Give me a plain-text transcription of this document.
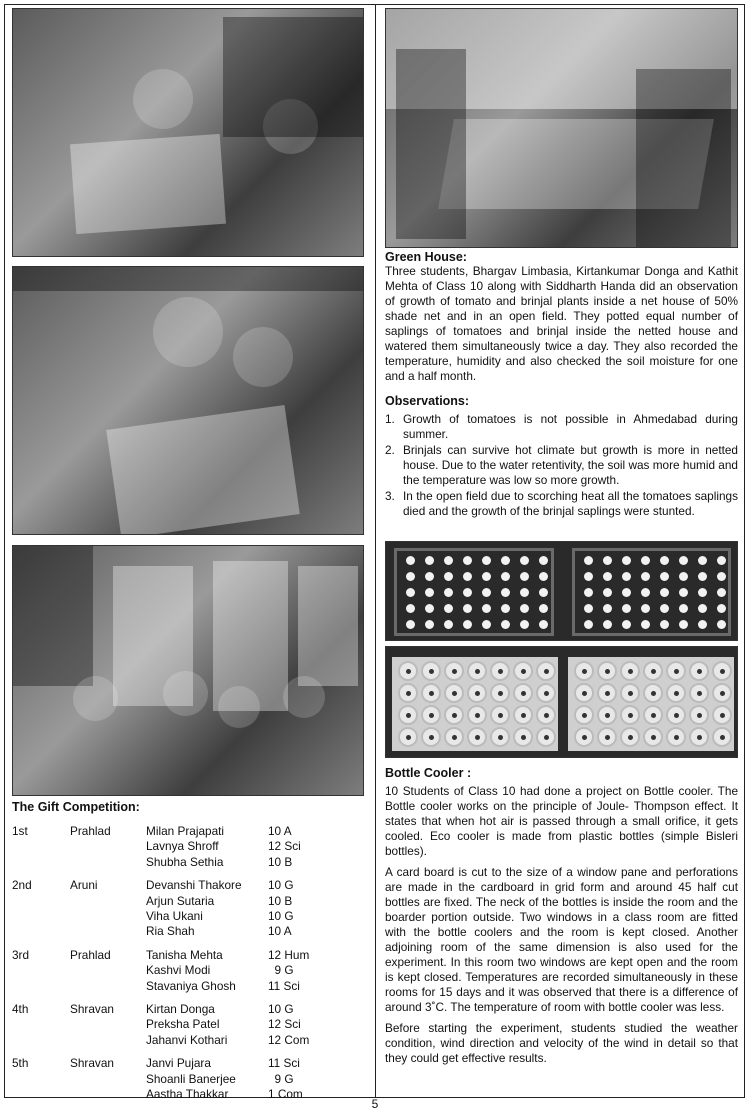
The Gift Competition:
1st	Prahlad	Milan Prajapati	10 A
		Lavnya Shroff	12 Sci
		Shubha Sethia	10 B

2nd	Aruni	Devanshi Thakore	10 G
		Arjun Sutaria	10 B
		Viha Ukani	10 G
		Ria Shah	10 A

3rd	Prahlad	Tanisha Mehta	12 Hum
		Kashvi Modi	9 G
		Stavaniya Ghosh	11 Sci

4th	Shravan	Kirtan Donga	10 G
		Preksha Patel	12 Sci
		Jahanvi Kothari	12 Com

5th	Shravan	Janvi Pujara	11 Sci
		Shoanli Banerjee	9 G
		Aastha Thakkar	1 Com
Green House:

Three students, Bhargav Limbasia, Kirtankumar Donga and Kathit Mehta of Class 10 along with Siddharth Handa did an observation of growth of tomato and brinjal plants inside a net house of 50% shade net and in an open field. They potted equal number of saplings of tomatoes and brinjal inside the netted house and watered them simultaneously twice a day. They also recorded the temperature, humidity and also checked the soil moisture for one and a half month.

Observations:
1. Growth of tomatoes is not possible in Ahmedabad during summer.
2. Brinjals can survive hot climate but growth is more in netted house. Due to the water retentivity, the soil was more humid and the temperature was low so more growth.
3. In the open field due to scorching heat all the tomatoes saplings died and the growth of the brinjal saplings were stunted.
Bottle Cooler :

10 Students of Class 10 had done a project on Bottle cooler. The Bottle cooler works on the principle of Joule- Thompson effect. It states that when hot air is passed through a small orifice, it gets cooled. Eco cooler is made from plastic bottles (simple Bisleri bottles).

A card board is cut to the size of a window pane and perforations are made in the cardboard in grid form and around 45 half cut bottles are fixed. The neck of the bottles is inside the room and the boarder portion outside. Two windows in a class room are fitted with the bottle coolers and the room is kept closed. Another adjoining room of the same dimension is also used for the experiment. In this room two windows are kept open and the room is kept closed. Temperatures are recorded simultaneously in these rooms for 15 days and it was observed that there is a difference of around 3˚C. The temperature of room with bottle cooler was less.

Before starting the experiment, students studied the weather condition, wind direction and velocity of the wind in detail so that they could get effective results.

5
